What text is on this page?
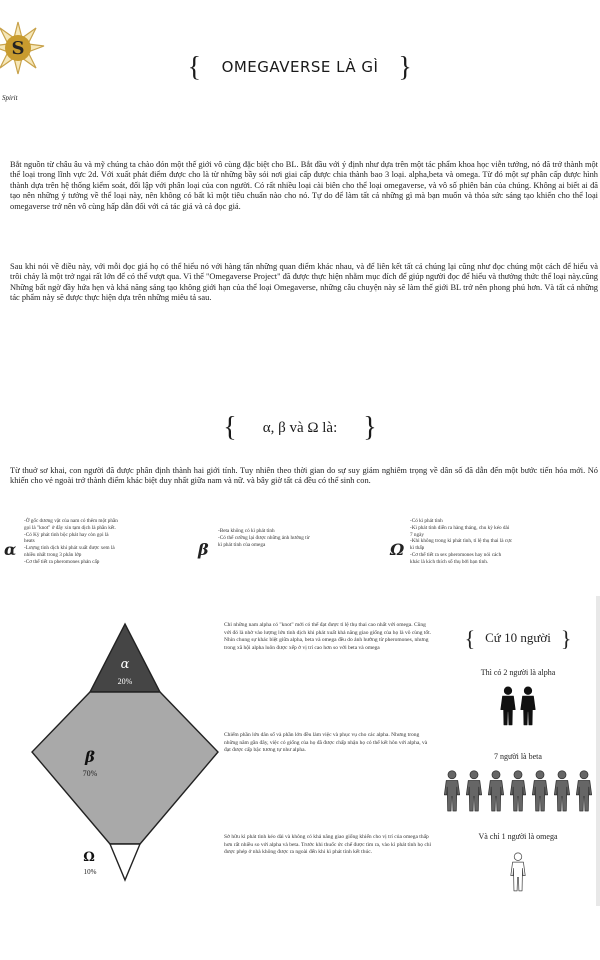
S
Spirit
{ OMEGAVERSE LÀ GÌ }
Bắt nguồn từ châu âu và mỹ chúng ta chào đón một thế giới vô cùng đặc biệt cho BL. Bắt đầu với ý định như dựa trên một tác phẩm khoa học viễn tưởng, nó đã trở thành một thể loại trong lĩnh vực 2d. Với xuất phát điểm được cho là từ những bầy sói nơi giai cấp được chia thành bao 3 loại. alpha,beta và omega. Từ đó một sự phân cấp được hình thành dựa trên hệ thống kiểm soát, đối lập với phân loại của con người. Có rất nhiều loại cài biên cho thể loại omegaverse, và vô số phiên bản của chúng. Không ai biết ai đã tạo nên những ý tưởng về thể loại này, nên không có bất kì một tiêu chuẩn nào cho nó. Tự do để làm tất cả những gì mà bạn muốn và thỏa sức sáng tạo khiến cho thể loại omegaverse trở nên vô cùng hấp dẫn đối với cả tác giả và cả đọc giả.
Sau khi nói về điều này, với mỗi đọc giả họ có thể hiểu nó với hàng tấn những quan điểm khác nhau, và để liên kết tất cả chúng lại cũng như đọc chúng một cách để hiểu và trôi chảy là một trở ngại rất lớn để có thể vượt qua. Vì thế "Omegaverse Project" đã được thực hiện nhằm mục đích để giúp người đọc để hiểu và thưởng thức thể loại này.cũng Những bất ngờ đầy hứa hẹn và khả năng sáng tạo không giới hạn của thể loại Omegaverse, những câu chuyện này sẽ làm thế giới BL trở nên phong phú hơn. Và tất cả những tác phẩm này sẽ được thực hiện dựa trên những miêu tả sau.
{ α, β và Ω là: }
Từ thuở sơ khai, con người đã được phân định thành hai giới tính. Tuy nhiên theo thời gian do sự suy giảm nghiêm trọng về dân số đã dẫn đến một bước tiến hóa mới. Nó khiến cho vẻ ngoài trở thành điểm khác biệt duy nhất giữa nam và nữ. và bây giờ tất cả đều có thể sinh con.
α
-Ở gốc dương vật của nam có thêm một phần
gọi là "knot" ở đây xin tạm dịch là phần kết.
-Có Kỳ phát tình bộc phát hay còn gọi là
heats
-Lượng tinh dịch khi phát xuất được xem là
nhiều nhất trong 3 phân lớp
-Cơ thể tiết ra pheromones phản cấp
β
-Beta không có kì phát tình
-Có thể cưỡng lại được những ảnh hưởng từ
kì phát tình của omega	Ω
-Có kì phát tình
-Kì phát tình diễn ra hàng tháng, chu kỳ kéo dài
7 ngày
-Khi không trong kì phát tình, tỉ lệ thụ thai là cực
kì thấp
-Cơ thể tiết ra sex pheromones hay nói cách
khác là kích thích sổ thụ bởi bạn tình.
α
20%
β
70%
Ω
10%
Chỉ những nam alpha có "knot" mới có thể đạt được tỉ lệ thụ thai cao nhất với omega. Cũng với đó là nhờ vào lượng lớn tinh dịch khi phát xuất khả năng giao giống của họ là vô cùng tốt. Nhìn chung sự khác biệt giữa alpha, beta và omega đều do ảnh hưởng từ pheromones, nhưng trong xã hội alpha luôn được xếp ở vị trí cao hơn so với beta và omega
Chiếm phần lớn dân số và phần lớn đều làm việc và phục vụ cho các alpha. Nhưng trong những năm gần đây, việc có giống của họ đã được chấp nhận họ có thể kết hôn với alpha, và đạt được cấp bậc tương tự như alpha.
Sở hữu kì phát tình kéo dài và không có khả năng giao giống khiến cho vị trí của omega thấp hơn rất nhiều so với alpha và beta. Trước khi thuốc ức chế được tìm ra, vào kì phát tình họ chỉ được phép ở nhà không được ra ngoài đến khi kì phát tình kết thúc.
{ Cứ 10 người }
Thì có 2 người là alpha
7 người là beta
Và chỉ 1 người là omega
